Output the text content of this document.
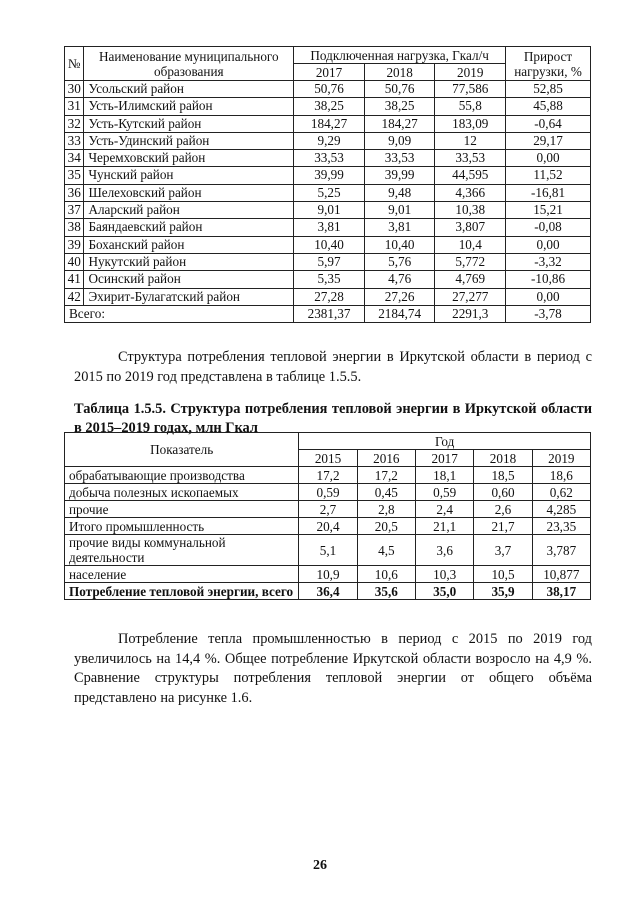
№	Наименование муниципального образования	Подключенная нагрузка, Гкал/ч			Прирост нагрузки, %
		2017	2018	2019	
30	Усольский район	50,76	50,76	77,586	52,85
31	Усть-Илимский район	38,25	38,25	55,8	45,88
32	Усть-Кутский район	184,27	184,27	183,09	-0,64
33	Усть-Удинский район	9,29	9,09	12	29,17
34	Черемховский район	33,53	33,53	33,53	0,00
35	Чунский район	39,99	39,99	44,595	11,52
36	Шелеховский район	5,25	9,48	4,366	-16,81
37	Аларский район	9,01	9,01	10,38	15,21
38	Баяндаевский район	3,81	3,81	3,807	-0,08
39	Боханский район	10,40	10,40	10,4	0,00
40	Нукутский район	5,97	5,76	5,772	-3,32
41	Осинский район	5,35	4,76	4,769	-10,86
42	Эхирит-Булагатский район	27,28	27,26	27,277	0,00
Всего:		2381,37	2184,74	2291,3	-3,78
Структура потребления тепловой энергии в Иркутской области в период с 2015 по 2019 год представлена в таблице 1.5.5.
Таблица 1.5.5. Структура потребления тепловой энергии в Иркутской области в 2015–2019 годах, млн Гкал
Показатель	Год				
	2015	2016	2017	2018	2019
обрабатывающие производства	17,2	17,2	18,1	18,5	18,6
добыча полезных ископаемых	0,59	0,45	0,59	0,60	0,62
прочие	2,7	2,8	2,4	2,6	4,285
Итого промышленность	20,4	20,5	21,1	21,7	23,35
прочие виды коммунальной деятельности	5,1	4,5	3,6	3,7	3,787
население	10,9	10,6	10,3	10,5	10,877
Потребление тепловой энергии, всего	36,4	35,6	35,0	35,9	38,17
Потребление тепла промышленностью в период с 2015 по 2019 год увеличилось на 14,4 %. Общее потребление Иркутской области возросло на 4,9 %. Сравнение структуры потребления тепловой энергии от общего объёма представлено на рисунке 1.6.
26
